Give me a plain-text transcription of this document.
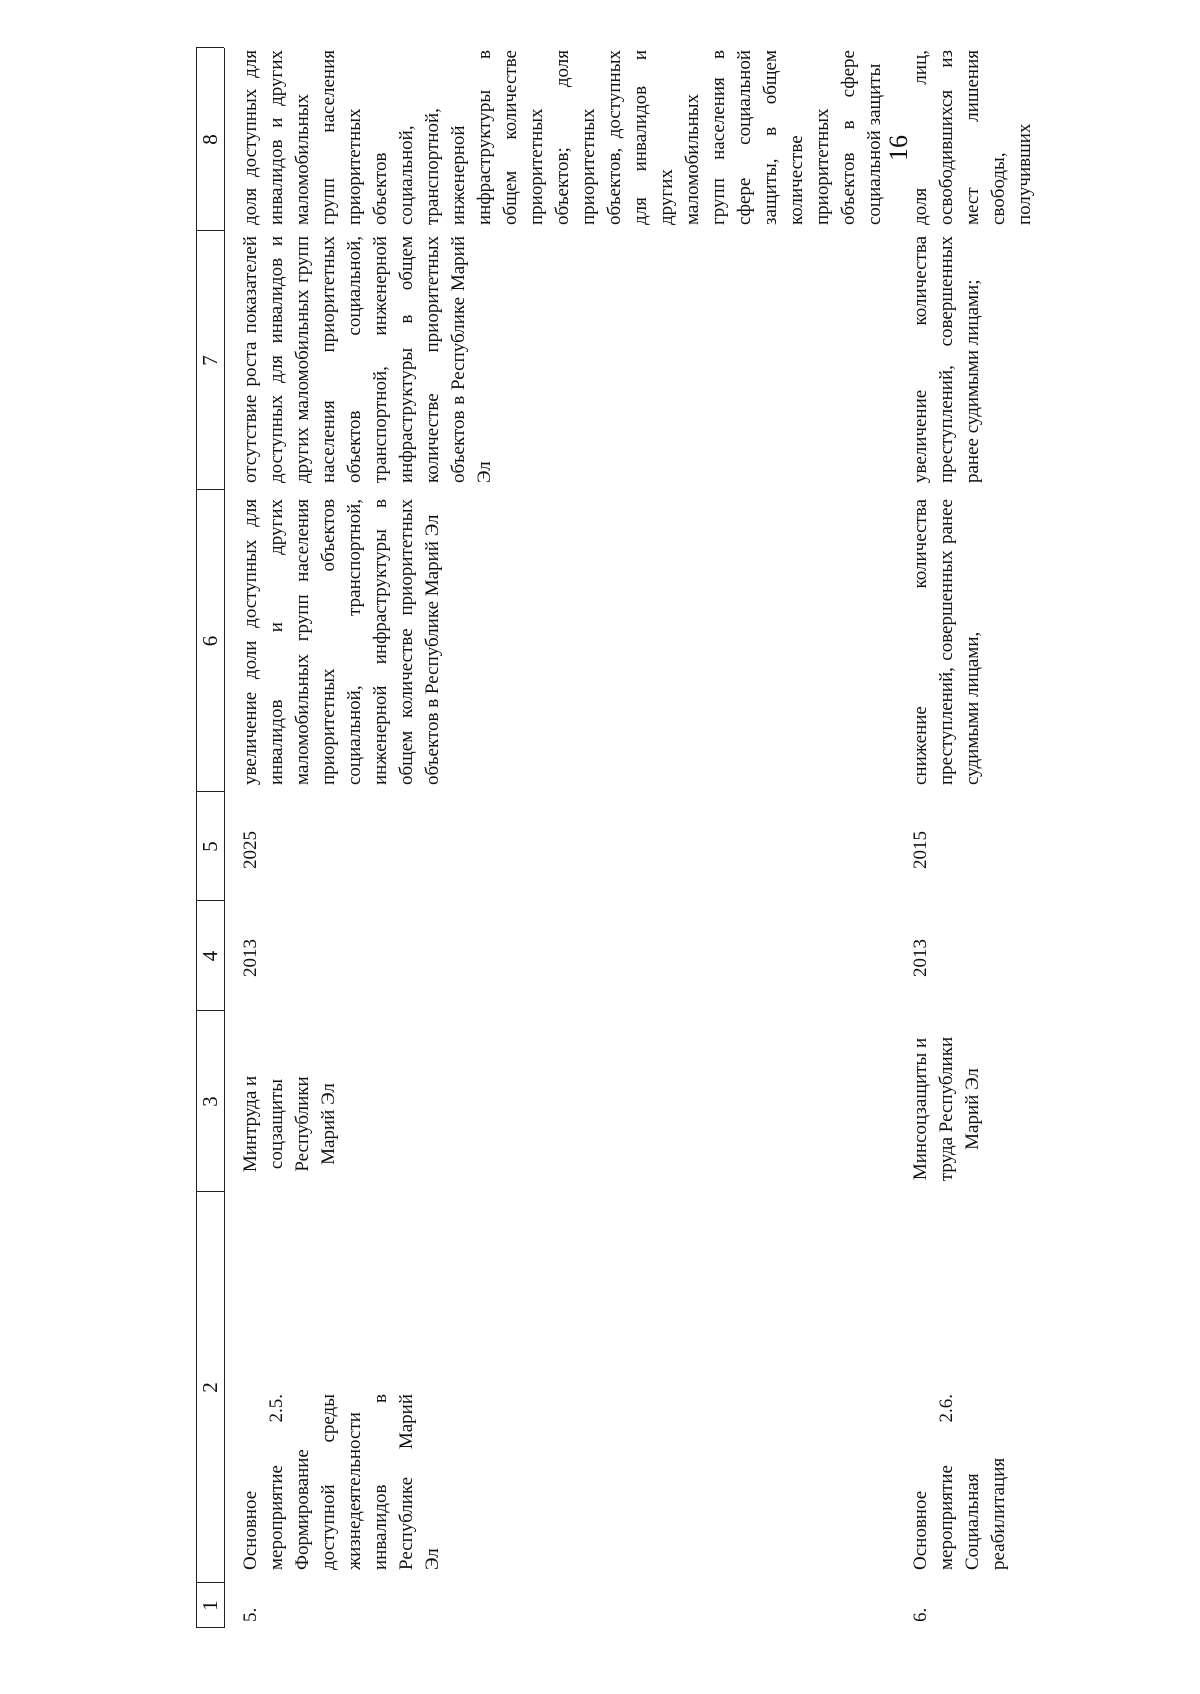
16
1
2
3
4
5
6
7
8
5.
Основное мероприятие 2.5. Формирование доступной среды жизнедеятельности инвалидов в Республике Марий Эл
Минтруда и соцзащиты Республики Марий Эл
2013
2025
увеличение доли доступных для инвалидов и других маломобильных групп населения приоритетных объектов социальной, транспортной, инженерной инфраструктуры в общем количестве приоритетных объектов в Республике Марий Эл
отсутствие роста показателей доступных для инвалидов и других маломобильных групп населения приоритетных объектов социальной, транспортной, инженерной инфраструктуры в общем количестве приоритетных объектов в Республике Марий Эл
доля доступных для инвалидов и других маломобильных групп населения приоритетных объектов социальной, транспортной, инженерной инфраструктуры в общем количестве приоритетных объектов; доля приоритетных объектов, доступных для инвалидов и других маломобильных групп населения в сфере социальной защиты, в общем количестве приоритетных объектов в сфере социальной защиты
6.
Основное мероприятие 2.6. Социальная реабилитация
Минсоцзащиты и труда Республики Марий Эл
2013
2015
снижение количества преступлений, совершенных ранее судимыми лицами,
увеличение количества преступлений, совершенных ранее судимыми лицами;
доля лиц, освободившихся из мест лишения свободы, получивших
